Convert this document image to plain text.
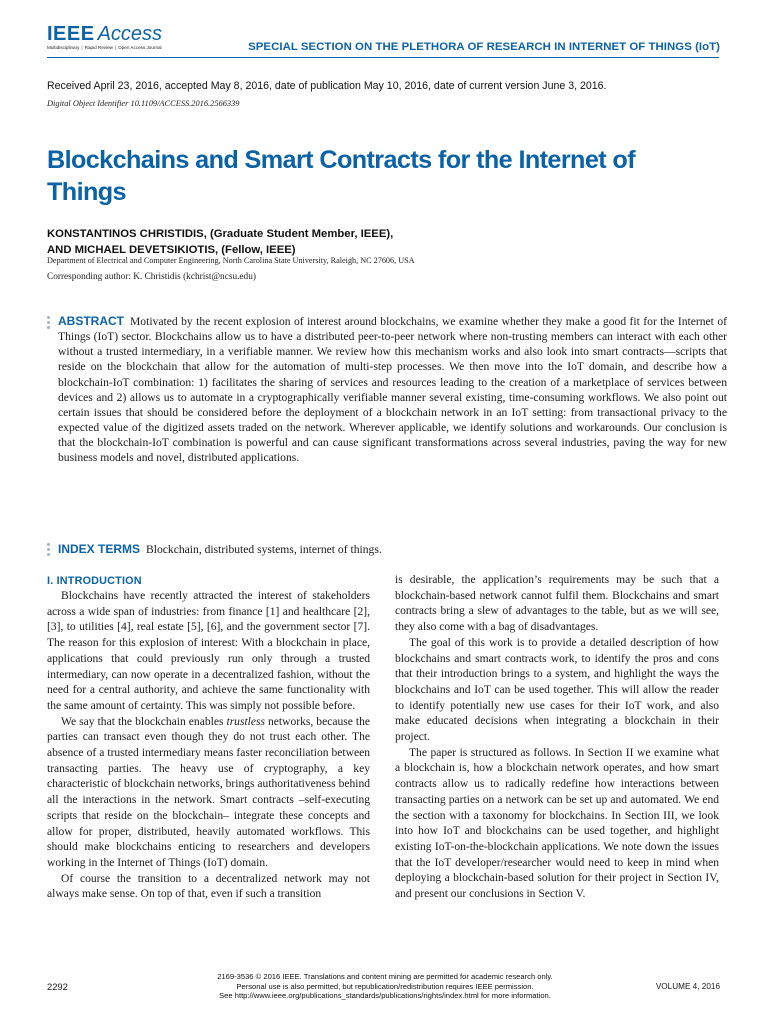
IEEE Access
Multidisciplinary | Rapid Review | Open Access Journal	SPECIAL SECTION ON THE PLETHORA OF RESEARCH IN INTERNET OF THINGS (IoT)
Received April 23, 2016, accepted May 8, 2016, date of publication May 10, 2016, date of current version June 3, 2016.
Digital Object Identifier 10.1109/ACCESS.2016.2566339
Blockchains and Smart Contracts for the Internet of Things
KONSTANTINOS CHRISTIDIS, (Graduate Student Member, IEEE),
AND MICHAEL DEVETSIKIOTIS, (Fellow, IEEE)
Department of Electrical and Computer Engineering, North Carolina State University, Raleigh, NC 27606, USA
Corresponding author: K. Christidis (kchrist@ncsu.edu)
ABSTRACT Motivated by the recent explosion of interest around blockchains, we examine whether they make a good fit for the Internet of Things (IoT) sector. Blockchains allow us to have a distributed peer-to-peer network where non-trusting members can interact with each other without a trusted intermediary, in a verifiable manner. We review how this mechanism works and also look into smart contracts—scripts that reside on the blockchain that allow for the automation of multi-step processes. We then move into the IoT domain, and describe how a blockchain-IoT combination: 1) facilitates the sharing of services and resources leading to the creation of a marketplace of services between devices and 2) allows us to automate in a cryptographically verifiable manner several existing, time-consuming workflows. We also point out certain issues that should be considered before the deployment of a blockchain network in an IoT setting: from transactional privacy to the expected value of the digitized assets traded on the network. Wherever applicable, we identify solutions and workarounds. Our conclusion is that the blockchain-IoT combination is powerful and can cause significant transformations across several industries, paving the way for new business models and novel, distributed applications.
INDEX TERMS Blockchain, distributed systems, internet of things.
I. INTRODUCTION

Blockchains have recently attracted the interest of stakeholders across a wide span of industries: from finance [1] and healthcare [2], [3], to utilities [4], real estate [5], [6], and the government sector [7]. The reason for this explosion of interest: With a blockchain in place, applications that could previously run only through a trusted intermediary, can now operate in a decentralized fashion, without the need for a central authority, and achieve the same functionality with the same amount of certainty. This was simply not possible before.

We say that the blockchain enables trustless networks, because the parties can transact even though they do not trust each other. The absence of a trusted intermediary means faster reconciliation between transacting parties. The heavy use of cryptography, a key characteristic of blockchain networks, brings authoritativeness behind all the interactions in the network. Smart contracts –self-executing scripts that reside on the blockchain– integrate these concepts and allow for proper, distributed, heavily automated workflows. This should make blockchains enticing to researchers and developers working in the Internet of Things (IoT) domain.

Of course the transition to a decentralized network may not always make sense. On top of that, even if such a transition

is desirable, the application’s requirements may be such that a blockchain-based network cannot fulfil them. Blockchains and smart contracts bring a slew of advantages to the table, but as we will see, they also come with a bag of disadvantages.

The goal of this work is to provide a detailed description of how blockchains and smart contracts work, to identify the pros and cons that their introduction brings to a system, and highlight the ways the blockchains and IoT can be used together. This will allow the reader to identify potentially new use cases for their IoT work, and also make educated decisions when integrating a blockchain in their project.

The paper is structured as follows. In Section II we examine what a blockchain is, how a blockchain network operates, and how smart contracts allow us to radically redefine how interactions between transacting parties on a network can be set up and automated. We end the section with a taxonomy for blockchains. In Section III, we look into how IoT and blockchains can be used together, and highlight existing IoT-on-the-blockchain applications. We note down the issues that the IoT developer/researcher would need to keep in mind when deploying a blockchain-based solution for their project in Section IV, and present our conclusions in Section V.

2292
2169-3536 © 2016 IEEE. Translations and content mining are permitted for academic research only.
Personal use is also permitted, but republication/redistribution requires IEEE permission.
See http://www.ieee.org/publications_standards/publications/rights/index.html for more information.
VOLUME 4, 2016
